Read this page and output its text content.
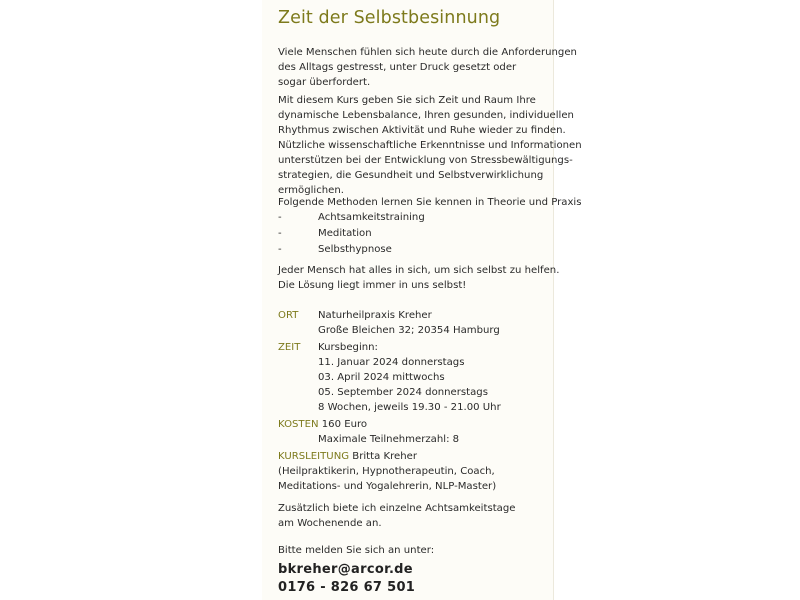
Zeit der Selbstbesinnung
Viele Menschen fühlen sich heute durch die Anforderungen
des Alltags gestresst, unter Druck gesetzt oder
sogar überfordert.
Mit diesem Kurs geben Sie sich Zeit und Raum Ihre
dynamische Lebensbalance, Ihren gesunden, individuellen
Rhythmus zwischen Aktivität und Ruhe wieder zu finden.
Nützliche wissenschaftliche Erkenntnisse und Informationen
unterstützen bei der Entwicklung von Stressbewältigungs-
strategien, die Gesundheit und Selbstverwirklichung
ermöglichen.
Folgende Methoden lernen Sie kennen in Theorie und Praxis
-	Achtsamkeitstraining
-	Meditation
-	Selbsthypnose
Jeder Mensch hat alles in sich, um sich selbst zu helfen.
Die Lösung liegt immer in uns selbst!
ORT Naturheilpraxis Kreher
Große Bleichen 32; 20354 Hamburg
ZEIT Kursbeginn:
11. Januar 2024 donnerstags
03. April 2024 mittwochs
05. September 2024 donnerstags
8 Wochen, jeweils 19.30 - 21.00 Uhr
KOSTEN 160 Euro
Maximale Teilnehmerzahl: 8
KURSLEITUNG Britta Kreher
(Heilpraktikerin, Hypnotherapeutin, Coach,
Meditations- und Yogalehrerin, NLP-Master)
Zusätzlich biete ich einzelne Achtsamkeitstage
am Wochenende an.
Bitte melden Sie sich an unter:
bkreher@arcor.de
0176 - 826 67 501
